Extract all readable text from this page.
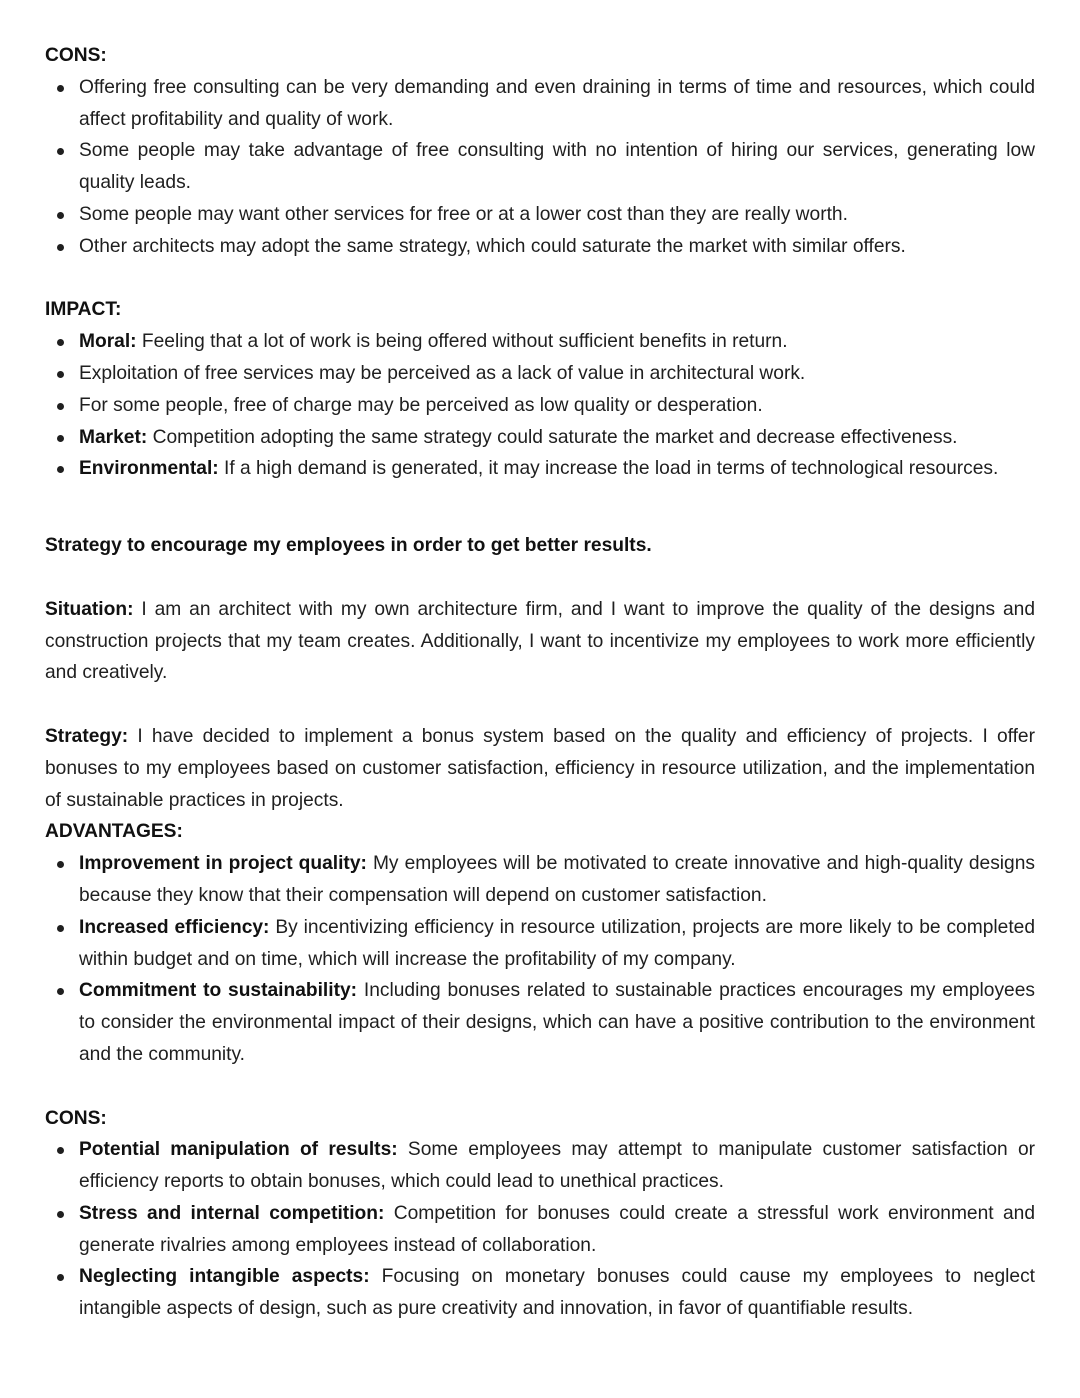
CONS:

Offering free consulting can be very demanding and even draining in terms of time and resources, which could affect profitability and quality of work.
Some people may take advantage of free consulting with no intention of hiring our services, generating low quality leads.
Some people may want other services for free or at a lower cost than they are really worth.
Other architects may adopt the same strategy, which could saturate the market with similar offers.

IMPACT:

Moral: Feeling that a lot of work is being offered without sufficient benefits in return.
Exploitation of free services may be perceived as a lack of value in architectural work.
For some people, free of charge may be perceived as low quality or desperation.
Market: Competition adopting the same strategy could saturate the market and decrease effectiveness.
Environmental: If a high demand is generated, it may increase the load in terms of technological resources.

Strategy to encourage my employees in order to get better results.

Situation: I am an architect with my own architecture firm, and I want to improve the quality of the designs and construction projects that my team creates. Additionally, I want to incentivize my employees to work more efficiently and creatively.

Strategy: I have decided to implement a bonus system based on the quality and efficiency of projects. I offer bonuses to my employees based on customer satisfaction, efficiency in resource utilization, and the implementation of sustainable practices in projects.

ADVANTAGES:

Improvement in project quality: My employees will be motivated to create innovative and high-quality designs because they know that their compensation will depend on customer satisfaction.
Increased efficiency: By incentivizing efficiency in resource utilization, projects are more likely to be completed within budget and on time, which will increase the profitability of my company.
Commitment to sustainability: Including bonuses related to sustainable practices encourages my employees to consider the environmental impact of their designs, which can have a positive contribution to the environment and the community.

CONS:

Potential manipulation of results: Some employees may attempt to manipulate customer satisfaction or efficiency reports to obtain bonuses, which could lead to unethical practices.
Stress and internal competition: Competition for bonuses could create a stressful work environment and generate rivalries among employees instead of collaboration.
Neglecting intangible aspects: Focusing on monetary bonuses could cause my employees to neglect intangible aspects of design, such as pure creativity and innovation, in favor of quantifiable results.
